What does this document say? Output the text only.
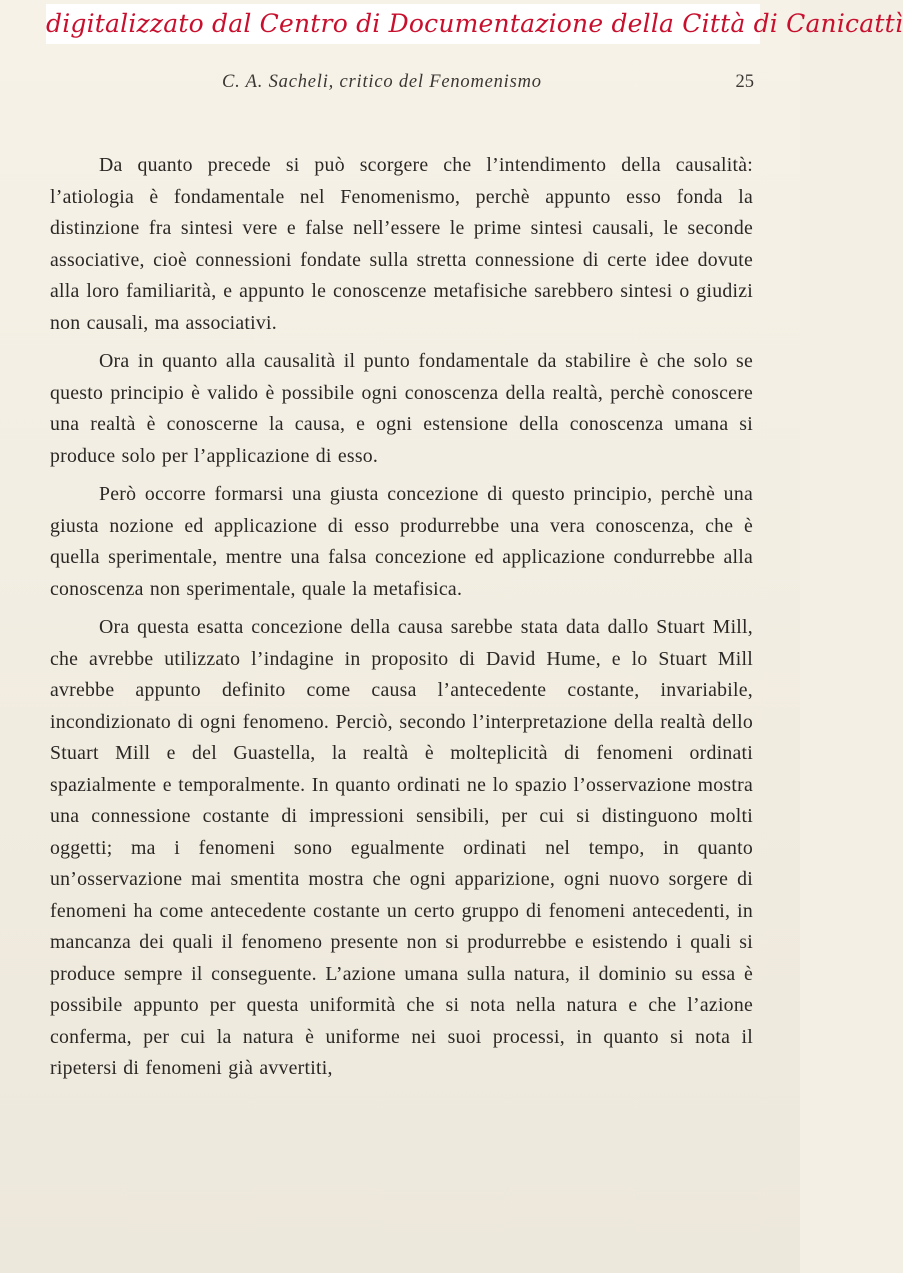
digitalizzato dal Centro di Documentazione della Città di Canicattì
C. A. Sacheli, critico del Fenomenismo	25

Da quanto precede si può scorgere che l’intendimento della causalità: l’atiologia è fondamentale nel Fenomenismo, perchè appunto esso fonda la distinzione fra sintesi vere e false nell’essere le prime sintesi causali, le seconde associative, cioè connessioni fondate sulla stretta connessione di certe idee dovute alla loro familiarità, e appunto le conoscenze metafisiche sarebbero sintesi o giudizi non causali, ma associativi.

Ora in quanto alla causalità il punto fondamentale da stabilire è che solo se questo principio è valido è possibile ogni conoscenza della realtà, perchè conoscere una realtà è conoscerne la causa, e ogni estensione della conoscenza umana si produce solo per l’applicazione di esso.

Però occorre formarsi una giusta concezione di questo principio, perchè una giusta nozione ed applicazione di esso produrrebbe una vera conoscenza, che è quella sperimentale, mentre una falsa concezione ed applicazione condurrebbe alla conoscenza non sperimentale, quale la metafisica.

Ora questa esatta concezione della causa sarebbe stata data dallo Stuart Mill, che avrebbe utilizzato l’indagine in proposito di David Hume, e lo Stuart Mill avrebbe appunto definito come causa l’antecedente costante, invariabile, incondizionato di ogni fenomeno. Perciò, secondo l’interpretazione della realtà dello Stuart Mill e del Guastella, la realtà è molteplicità di fenomeni ordinati spazialmente e temporalmente. In quanto ordinati ne lo spazio l’osservazione mostra una connessione costante di impressioni sensibili, per cui si distinguono molti oggetti; ma i fenomeni sono egualmente ordinati nel tempo, in quanto un’osservazione mai smentita mostra che ogni apparizione, ogni nuovo sorgere di fenomeni ha come antecedente costante un certo gruppo di fenomeni antecedenti, in mancanza dei quali il fenomeno presente non si produrrebbe e esistendo i quali si produce sempre il conseguente. L’azione umana sulla natura, il dominio su essa è possibile appunto per questa uniformità che si nota nella natura e che l’azione conferma, per cui la natura è uniforme nei suoi processi, in quanto si nota il ripetersi di fenomeni già avvertiti,
